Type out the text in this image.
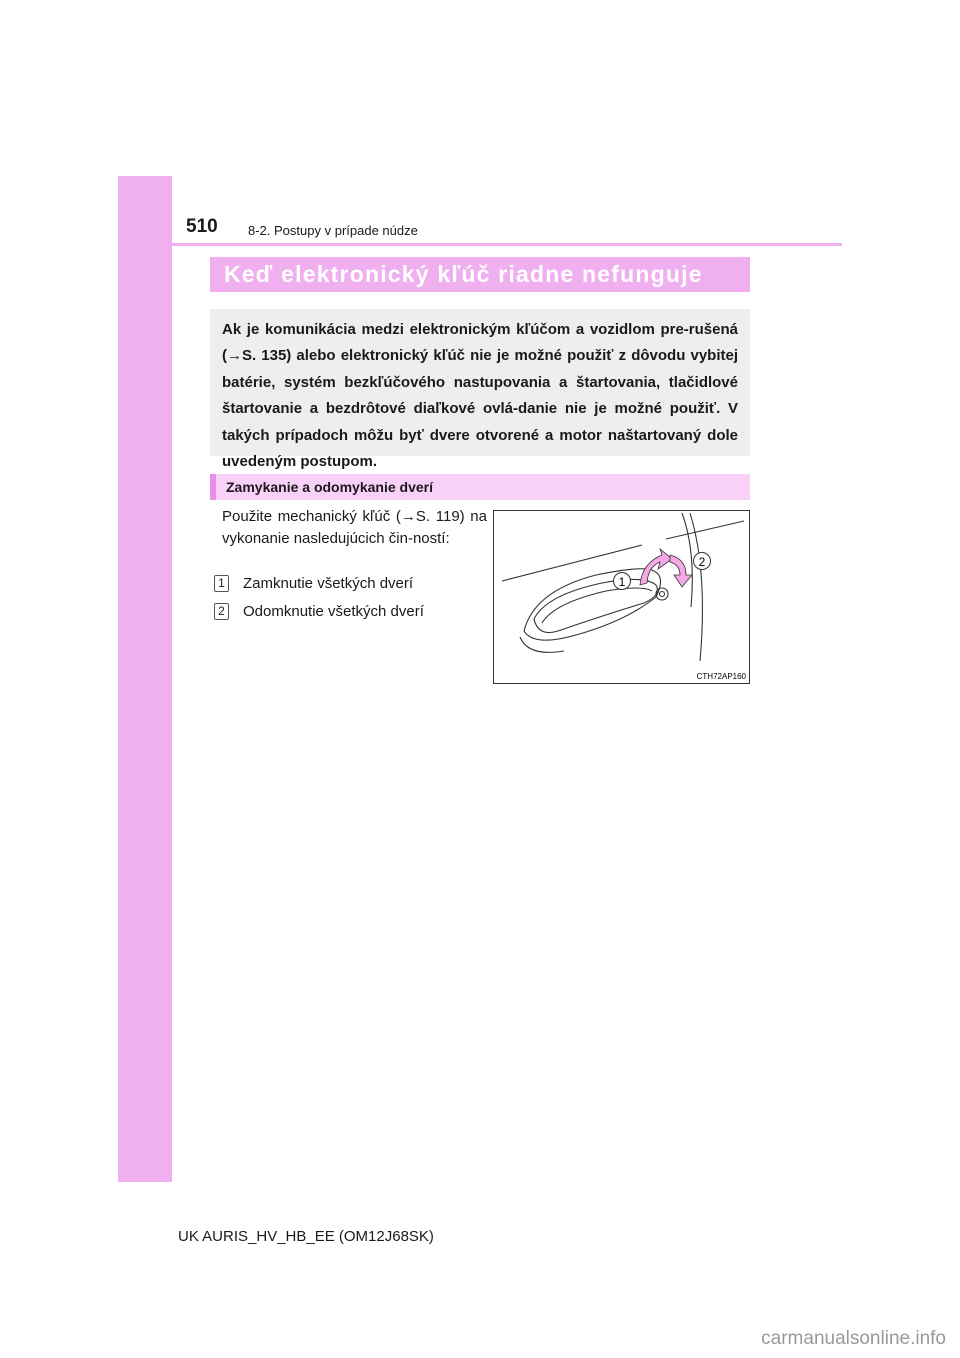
510 8-2. Postupy v prípade núdze
Keď elektronický kľúč riadne nefunguje
Ak je komunikácia medzi elektronickým kľúčom a vozidlom pre-rušená (→S. 135) alebo elektronický kľúč nie je možné použiť z dôvodu vybitej batérie, systém bezkľúčového nastupovania a štartovania, tlačidlové štartovanie a bezdrôtové diaľkové ovlá-danie nie je možné použiť. V takých prípadoch môžu byť dvere otvorené a motor naštartovaný dole uvedeným postupom.
Zamykanie a odomykanie dverí
Použite mechanický kľúč (→S. 119) na vykonanie nasledujúcich čin-ností:
1 Zamknutie všetkých dverí
2 Odomknutie všetkých dverí
1
2
CTH72AP160
UK AURIS_HV_HB_EE (OM12J68SK)
carmanualsonline.info
